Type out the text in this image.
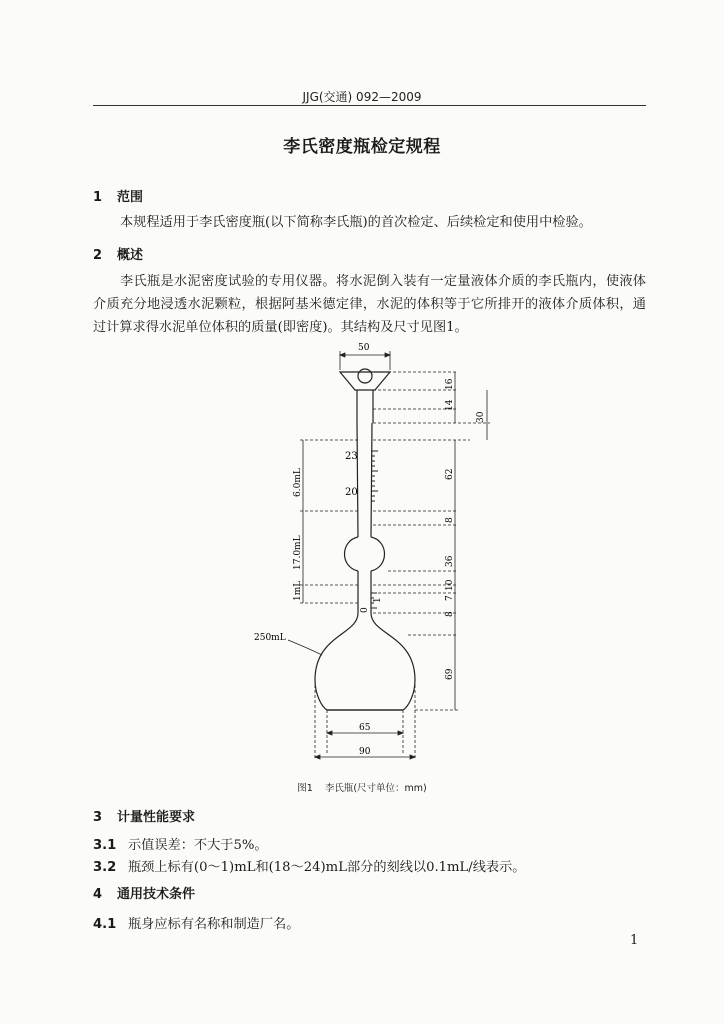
JJG(交通) 092—2009
李氏密度瓶检定规程
1 范围
本规程适用于李氏密度瓶(以下简称李氏瓶)的首次检定、后续检定和使用中检验。
2 概述
李氏瓶是水泥密度试验的专用仪器。将水泥倒入装有一定量液体介质的李氏瓶内，使液体介质充分地浸透水泥颗粒，根据阿基米德定律，水泥的体积等于它所排开的液体介质体积，通过计算求得水泥单位体积的质量(即密度)。其结构及尺寸见图1。
23
20
1
0
50
16
14
30
62
8
36
10
7
8
69
6.0mL
17.0mL
1mL
250mL
65
90
图1 李氏瓶(尺寸单位：mm)
3 计量性能要求
3.1 示值误差：不大于5%。
3.2 瓶颈上标有(0～1)mL和(18～24)mL部分的刻线以0.1mL/线表示。
4 通用技术条件
4.1 瓶身应标有名称和制造厂名。
1
